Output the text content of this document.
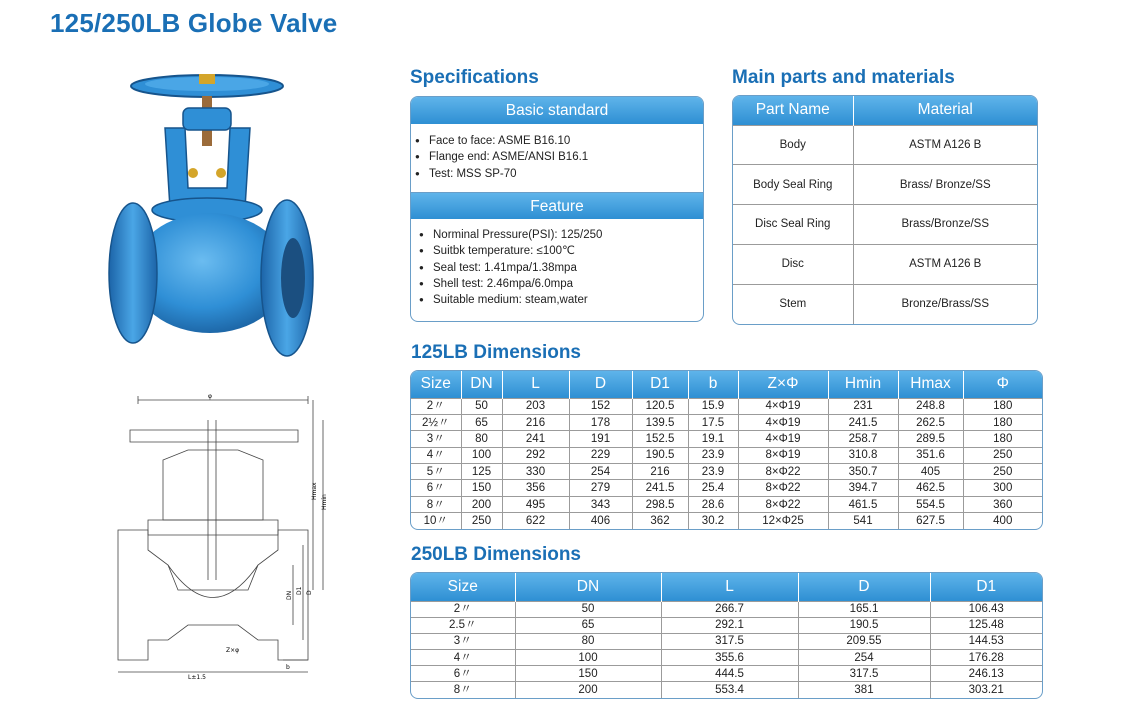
125/250LB Globe Valve
φ
Hmax
Hmin
DN
D1 D
Z×φ
L±1.5
b
Specifications
Basic standard
● Face to face: ASME B16.10
● Flange end: ASME/ANSI B16.1
● Test: MSS SP-70
Feature
● Norminal Pressure(PSI): 125/250
● Suitbk temperature: ≤100℃
● Seal test: 1.41mpa/1.38mpa
● Shell test: 2.46mpa/6.0mpa
● Suitable medium: steam,water
Main parts and materials
Part Name	Material
Body	ASTM A126 B
Body Seal Ring	Brass/ Bronze/SS
Disc Seal Ring	Brass/Bronze/SS
Disc	ASTM A126 B
Stem	Bronze/Brass/SS
125LB Dimensions
Size	DN	L	D	D1	b	Z×Φ	Hmin	Hmax	Φ
2〃	50	203	152	120.5	15.9	4×Φ19	231	248.8	180
2½〃	65	216	178	139.5	17.5	4×Φ19	241.5	262.5	180
3〃	80	241	191	152.5	19.1	4×Φ19	258.7	289.5	180
4〃	100	292	229	190.5	23.9	8×Φ19	310.8	351.6	250
5〃	125	330	254	216	23.9	8×Φ22	350.7	405	250
6〃	150	356	279	241.5	25.4	8×Φ22	394.7	462.5	300
8〃	200	495	343	298.5	28.6	8×Φ22	461.5	554.5	360
10〃	250	622	406	362	30.2	12×Φ25	541	627.5	400
250LB Dimensions
Size	DN	L	D	D1
2〃	50	266.7	165.1	106.43
2.5〃	65	292.1	190.5	125.48
3〃	80	317.5	209.55	144.53
4〃	100	355.6	254	176.28
6〃	150	444.5	317.5	246.13
8〃	200	553.4	381	303.21
